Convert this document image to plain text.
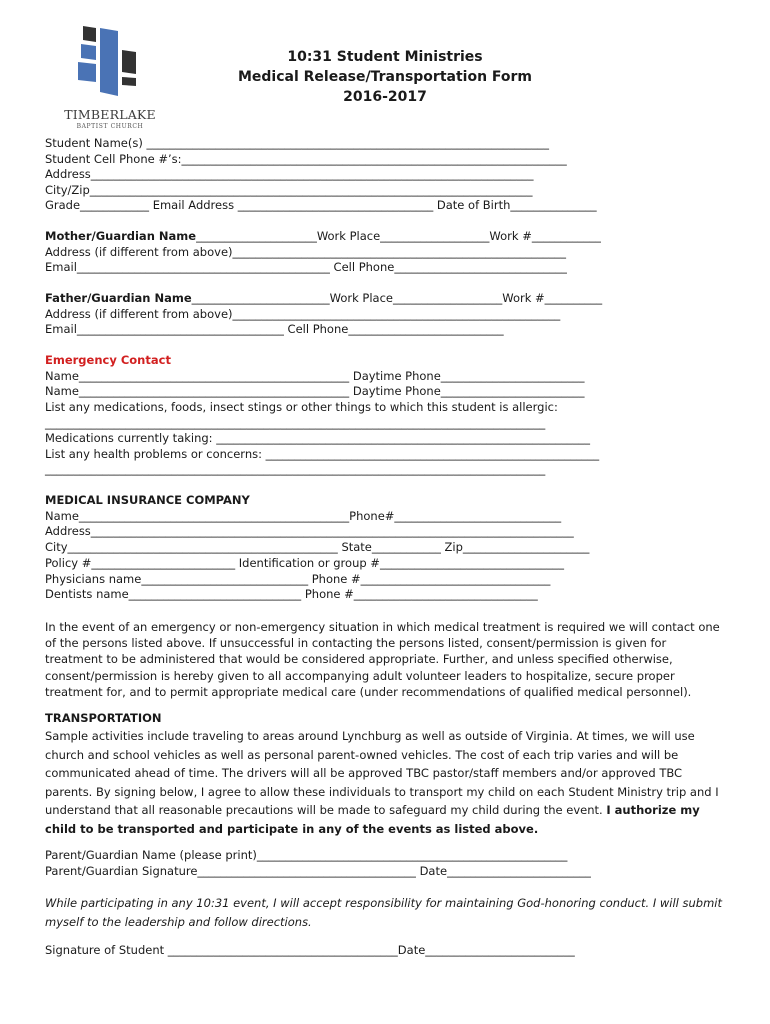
TIMBERLAKE
BAPTIST CHURCH
10:31 Student Ministries
Medical Release/Transportation Form
2016-2017
Student Name(s) ______________________________________________________________________
Student Cell Phone #’s:___________________________________________________________________
Address_____________________________________________________________________________
City/Zip_____________________________________________________________________________
Grade____________ Email Address __________________________________ Date of Birth_______________
Mother/Guardian Name_____________________Work Place___________________Work #____________
Address (if different from above)__________________________________________________________
Email____________________________________________ Cell Phone______________________________
Father/Guardian Name________________________Work Place___________________Work #__________
Address (if different from above)_________________________________________________________
Email____________________________________ Cell Phone___________________________
Emergency Contact
Name_______________________________________________ Daytime Phone_________________________
Name_______________________________________________ Daytime Phone_________________________
List any medications, foods, insect stings or other things to which this student is allergic:
_______________________________________________________________________________________
Medications currently taking: _________________________________________________________________
List any health problems or concerns: __________________________________________________________
_______________________________________________________________________________________
MEDICAL INSURANCE COMPANY
Name_______________________________________________Phone#_____________________________
Address____________________________________________________________________________________
City_______________________________________________ State____________ Zip______________________
Policy #_________________________ Identification or group #________________________________
Physicians name_____________________________ Phone #_________________________________
Dentists name______________________________ Phone #________________________________
In the event of an emergency or non-emergency situation in which medical treatment is required we will contact one of the persons listed above. If unsuccessful in contacting the persons listed, consent/permission is given for treatment to be administered that would be considered appropriate. Further, and unless specified otherwise, consent/permission is hereby given to all accompanying adult volunteer leaders to hospitalize, secure proper treatment for, and to permit appropriate medical care (under recommendations of qualified medical personnel).
TRANSPORTATION
Sample activities include traveling to areas around Lynchburg as well as outside of Virginia. At times, we will use church and school vehicles as well as personal parent-owned vehicles. The cost of each trip varies and will be communicated ahead of time. The drivers will all be approved TBC pastor/staff members and/or approved TBC parents. By signing below, I agree to allow these individuals to transport my child on each Student Ministry trip and I understand that all reasonable precautions will be made to safeguard my child during the event. I authorize my child to be transported and participate in any of the events as listed above.
Parent/Guardian Name (please print)______________________________________________________
Parent/Guardian Signature______________________________________ Date_________________________
While participating in any 10:31 event, I will accept responsibility for maintaining God-honoring conduct. I will submit myself to the leadership and follow directions.
Signature of Student ________________________________________Date__________________________
